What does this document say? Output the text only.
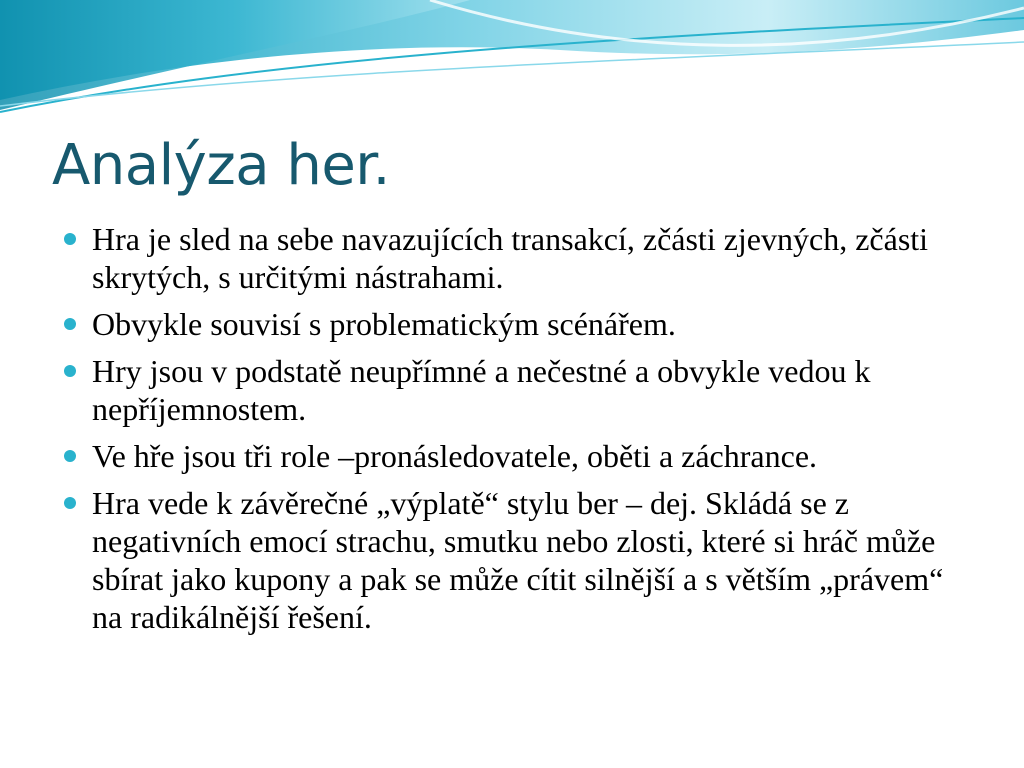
Analýza her.
Hra je sled na sebe navazujících transakcí, zčásti zjevných, zčásti skrytých, s určitými nástrahami.
Obvykle souvisí s problematickým scénářem.
Hry jsou v podstatě neupřímné a nečestné a obvykle vedou k nepříjemnostem.
Ve hře jsou tři role –pronásledovatele, oběti a záchrance.
Hra vede k závěrečné „výplatě“ stylu ber – dej. Skládá se z negativních emocí strachu, smutku nebo zlosti, které si hráč může sbírat jako kupony a pak se může cítit silnější a s větším „právem“ na radikálnější řešení.
